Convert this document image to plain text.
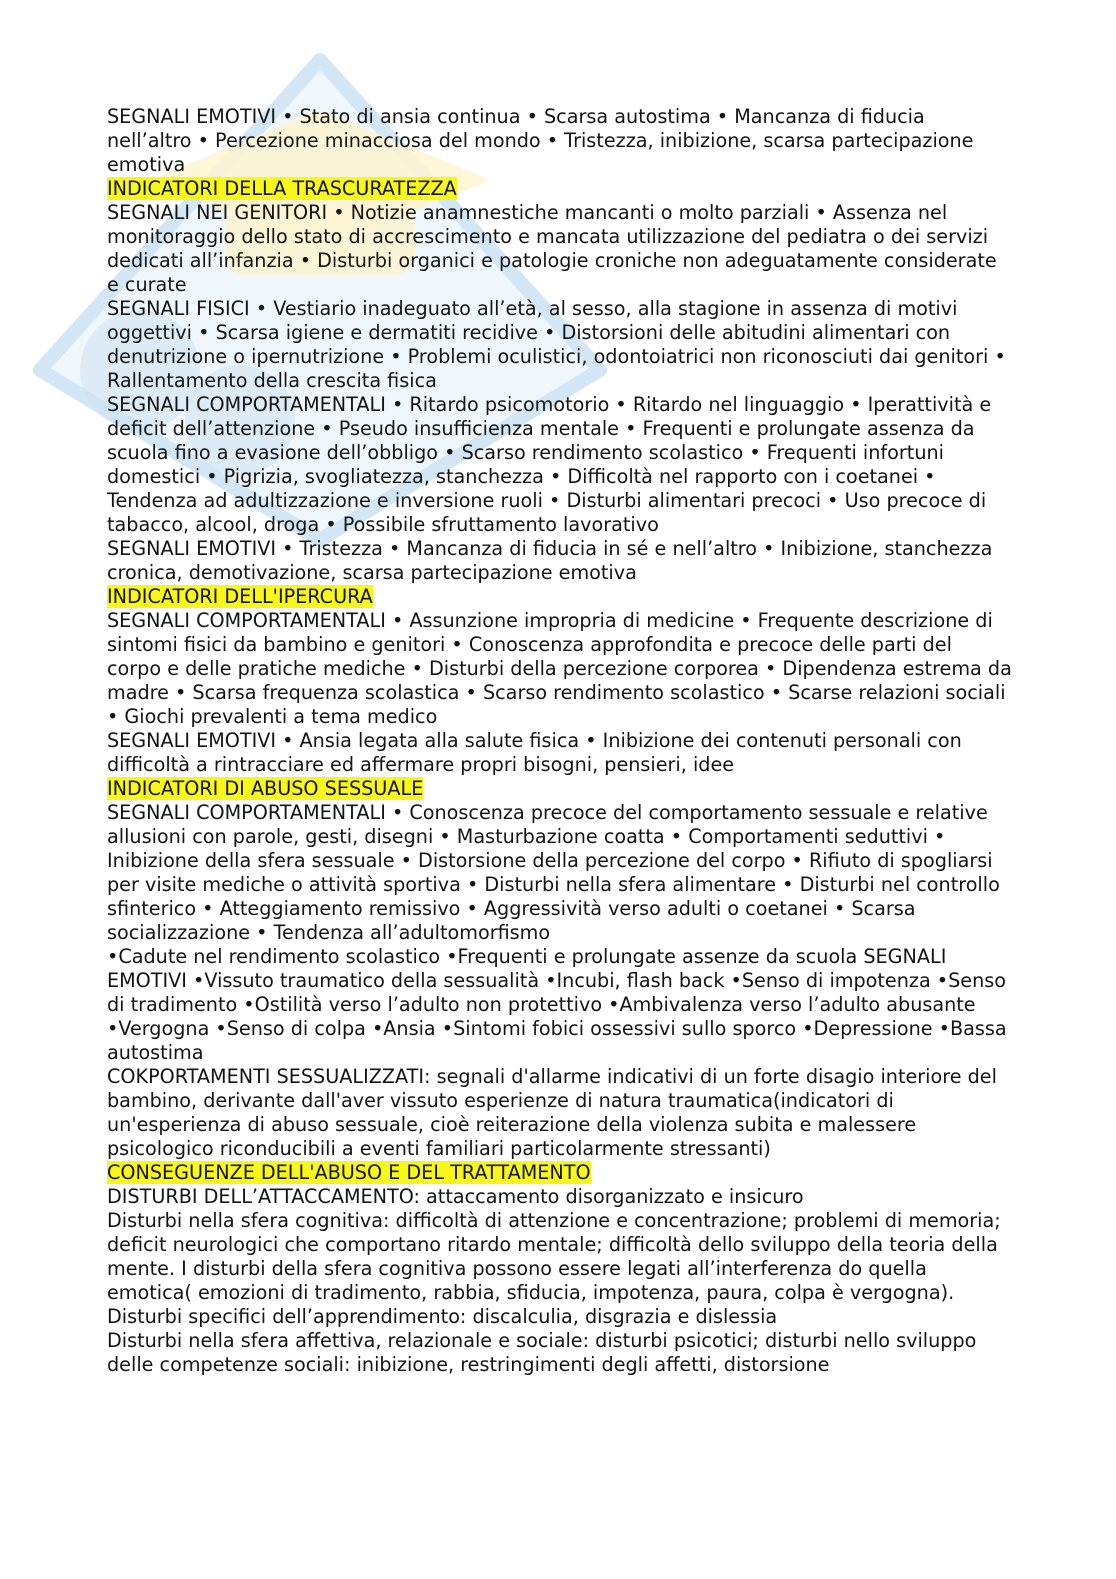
SEGNALI EMOTIVI • Stato di ansia continua • Scarsa autostima • Mancanza di fiducia nell’altro • Percezione minacciosa del mondo • Tristezza, inibizione, scarsa partecipazione emotiva

INDICATORI DELLA TRASCURATEZZA

SEGNALI NEI GENITORI • Notizie anamnestiche mancanti o molto parziali • Assenza nel monitoraggio dello stato di accrescimento e mancata utilizzazione del pediatra o dei servizi dedicati all’infanzia • Disturbi organici e patologie croniche non adeguatamente considerate e curate

SEGNALI FISICI • Vestiario inadeguato all’età, al sesso, alla stagione in assenza di motivi oggettivi • Scarsa igiene e dermatiti recidive • Distorsioni delle abitudini alimentari con denutrizione o ipernutrizione • Problemi oculistici, odontoiatrici non riconosciuti dai genitori • Rallentamento della crescita fisica

SEGNALI COMPORTAMENTALI • Ritardo psicomotorio • Ritardo nel linguaggio • Iperattività e deficit dell’attenzione • Pseudo insufficienza mentale • Frequenti e prolungate assenza da scuola fino a evasione dell’obbligo • Scarso rendimento scolastico • Frequenti infortuni domestici • Pigrizia, svogliatezza, stanchezza • Difficoltà nel rapporto con i coetanei • Tendenza ad adultizzazione e inversione ruoli • Disturbi alimentari precoci • Uso precoce di tabacco, alcool, droga • Possibile sfruttamento lavorativo

SEGNALI EMOTIVI • Tristezza • Mancanza di fiducia in sé e nell’altro • Inibizione, stanchezza cronica, demotivazione, scarsa partecipazione emotiva

INDICATORI DELL'IPERCURA

SEGNALI COMPORTAMENTALI • Assunzione impropria di medicine • Frequente descrizione di sintomi fisici da bambino e genitori • Conoscenza approfondita e precoce delle parti del corpo e delle pratiche mediche • Disturbi della percezione corporea • Dipendenza estrema da madre • Scarsa frequenza scolastica • Scarso rendimento scolastico • Scarse relazioni sociali • Giochi prevalenti a tema medico

SEGNALI EMOTIVI • Ansia legata alla salute fisica • Inibizione dei contenuti personali con difficoltà a rintracciare ed affermare propri bisogni, pensieri, idee

INDICATORI DI ABUSO SESSUALE

SEGNALI COMPORTAMENTALI • Conoscenza precoce del comportamento sessuale e relative allusioni con parole, gesti, disegni • Masturbazione coatta • Comportamenti seduttivi • Inibizione della sfera sessuale • Distorsione della percezione del corpo • Rifiuto di spogliarsi per visite mediche o attività sportiva • Disturbi nella sfera alimentare • Disturbi nel controllo sfinterico • Atteggiamento remissivo • Aggressività verso adulti o coetanei • Scarsa socializzazione • Tendenza all’adultomorfismo

•Cadute nel rendimento scolastico •Frequenti e prolungate assenze da scuola SEGNALI EMOTIVI •Vissuto traumatico della sessualità •Incubi, flash back •Senso di impotenza •Senso di tradimento •Ostilità verso l’adulto non protettivo •Ambivalenza verso l’adulto abusante •Vergogna •Senso di colpa •Ansia •Sintomi fobici ossessivi sullo sporco •Depressione •Bassa autostima

COKPORTAMENTI SESSUALIZZATI: segnali d'allarme indicativi di un forte disagio interiore del bambino, derivante dall'aver vissuto esperienze di natura traumatica(indicatori di un'esperienza di abuso sessuale, cioè reiterazione della violenza subita e malessere psicologico riconducibili a eventi familiari particolarmente stressanti)

CONSEGUENZE DELL'ABUSO E DEL TRATTAMENTO

DISTURBI DELL’ATTACCAMENTO: attaccamento disorganizzato e insicuro

Disturbi nella sfera cognitiva: difficoltà di attenzione e concentrazione; problemi di memoria; deficit neurologici che comportano ritardo mentale; difficoltà dello sviluppo della teoria della mente. I disturbi della sfera cognitiva possono essere legati all’interferenza do quella emotica( emozioni di tradimento, rabbia, sfiducia, impotenza, paura, colpa è vergogna).

Disturbi specifici dell’apprendimento: discalculia, disgrazia e dislessia

Disturbi nella sfera affettiva, relazionale e sociale: disturbi psicotici; disturbi nello sviluppo delle competenze sociali: inibizione, restringimenti degli affetti, distorsione
